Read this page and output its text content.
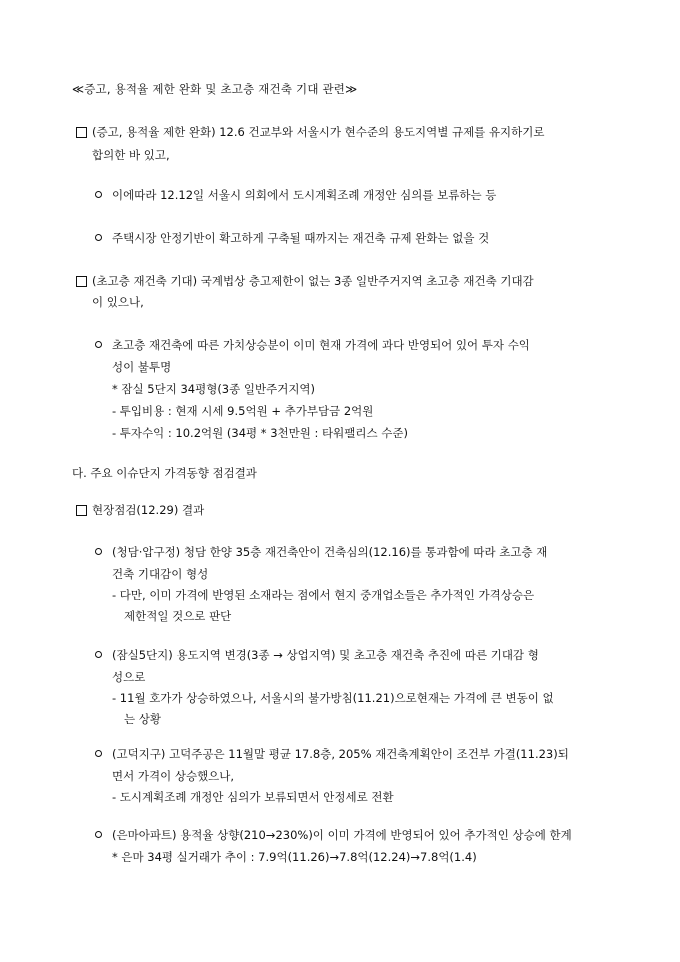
≪증고, 용적율 제한 완화 및 초고층 재건축 기대 관련≫
(증고, 용적율 제한 완화) 12.6 건교부와 서울시가 현수준의 용도지역별 규제를 유지하기로
합의한 바 있고,
이에따라 12.12일 서울시 의회에서 도시계획조례 개정안 심의를 보류하는 등
주택시장 안정기반이 확고하게 구축될 때까지는 재건축 규제 완화는 없을 것
(초고층 재건축 기대) 국계법상 층고제한이 없는 3종 일반주거지역 초고층 재건축 기대감
이 있으나,
초고층 재건축에 따른 가치상승분이 이미 현재 가격에 과다 반영되어 있어 투자 수익
성이 불투명
* 잠실 5단지 34평형(3종 일반주거지역)
- 투입비용 : 현재 시세 9.5억원 + 추가부담금 2억원
- 투자수익 : 10.2억원 (34평 * 3천만원 : 타워팰리스 수준)
다. 주요 이슈단지 가격동향 점검결과
현장점검(12.29) 결과
(청담·압구정) 청담 한양 35층 재건축안이 건축심의(12.16)를 통과함에 따라 초고층 재
건축 기대감이 형성
- 다만, 이미 가격에 반영된 소재라는 점에서 현지 중개업소들은 추가적인 가격상승은
제한적일 것으로 판단
(잠실5단지) 용도지역 변경(3종 → 상업지역) 및 초고층 재건축 추진에 따른 기대감 형
성으로
- 11월 호가가 상승하였으나, 서울시의 불가방침(11.21)으로현재는 가격에 큰 변동이 없
는 상황
(고덕지구) 고덕주공은 11월말 평균 17.8층, 205% 재건축계획안이 조건부 가결(11.23)되
면서 가격이 상승했으나,
- 도시계획조례 개정안 심의가 보류되면서 안정세로 전환
(은마아파트) 용적율 상향(210→230%)이 이미 가격에 반영되어 있어 추가적인 상승에 한계
* 은마 34평 실거래가 추이 : 7.9억(11.26)→7.8억(12.24)→7.8억(1.4)
